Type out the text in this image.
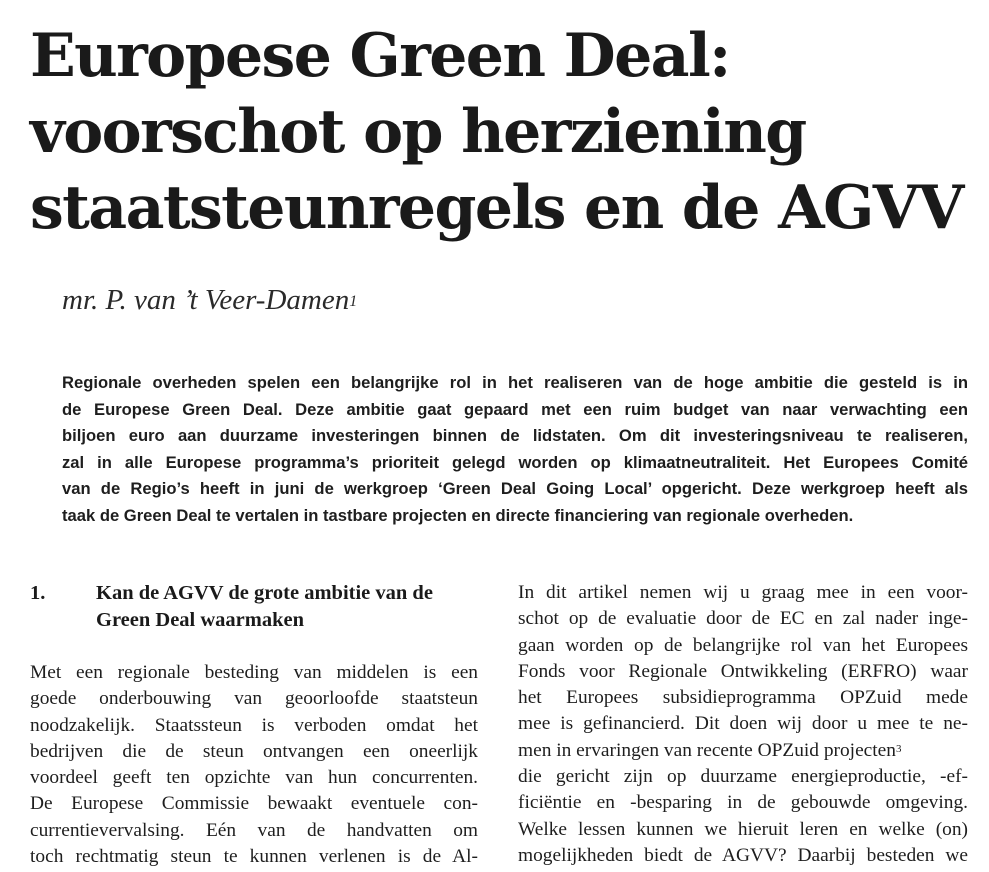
Europese Green Deal:
voorschot op herziening
staatsteunregels en de AGVV
mr. P. van ’t Veer-Damen$^1$
Regionale overheden spelen een belangrijke rol in het realiseren van de hoge ambitie die gesteld is in
de Europese Green Deal. Deze ambitie gaat gepaard met een ruim budget van naar verwachting een
biljoen euro aan duurzame investeringen binnen de lidstaten. Om dit investeringsniveau te realiseren,
zal in alle Europese programma’s prioriteit gelegd worden op klimaatneutraliteit. Het Europees Comité
van de Regio’s heeft in juni de werkgroep ‘Green Deal Going Local’ opgericht. Deze werkgroep heeft als
taak de Green Deal te vertalen in tastbare projecten en directe financiering van regionale overheden.
1. Kan de AGVV de grote ambitie van de
Green Deal waarmaken
Met een regionale besteding van middelen is een
goede onderbouwing van geoorloofde staatsteun
noodzakelijk. Staatssteun is verboden omdat het
bedrijven die de steun ontvangen een oneerlijk
voordeel geeft ten opzichte van hun concurrenten.
De Europese Commissie bewaakt eventuele con-
currentievervalsing. Eén van de handvatten om
toch rechtmatig steun te kunnen verlenen is de Al-
In dit artikel nemen wij u graag mee in een voor-
schot op de evaluatie door de EC en zal nader inge-
gaan worden op de belangrijke rol van het Europees
Fonds voor Regionale Ontwikkeling (ERFRO) waar
het Europees subsidieprogramma OPZuid mede
mee is gefinancierd. Dit doen wij door u mee te ne-
men in ervaringen van recente OPZuid projecten$^3$
die gericht zijn op duurzame energieproductie, -ef-
ficiëntie en -besparing in de gebouwde omgeving.
Welke lessen kunnen we hieruit leren en welke (on)
mogelijkheden biedt de AGVV? Daarbij besteden we
